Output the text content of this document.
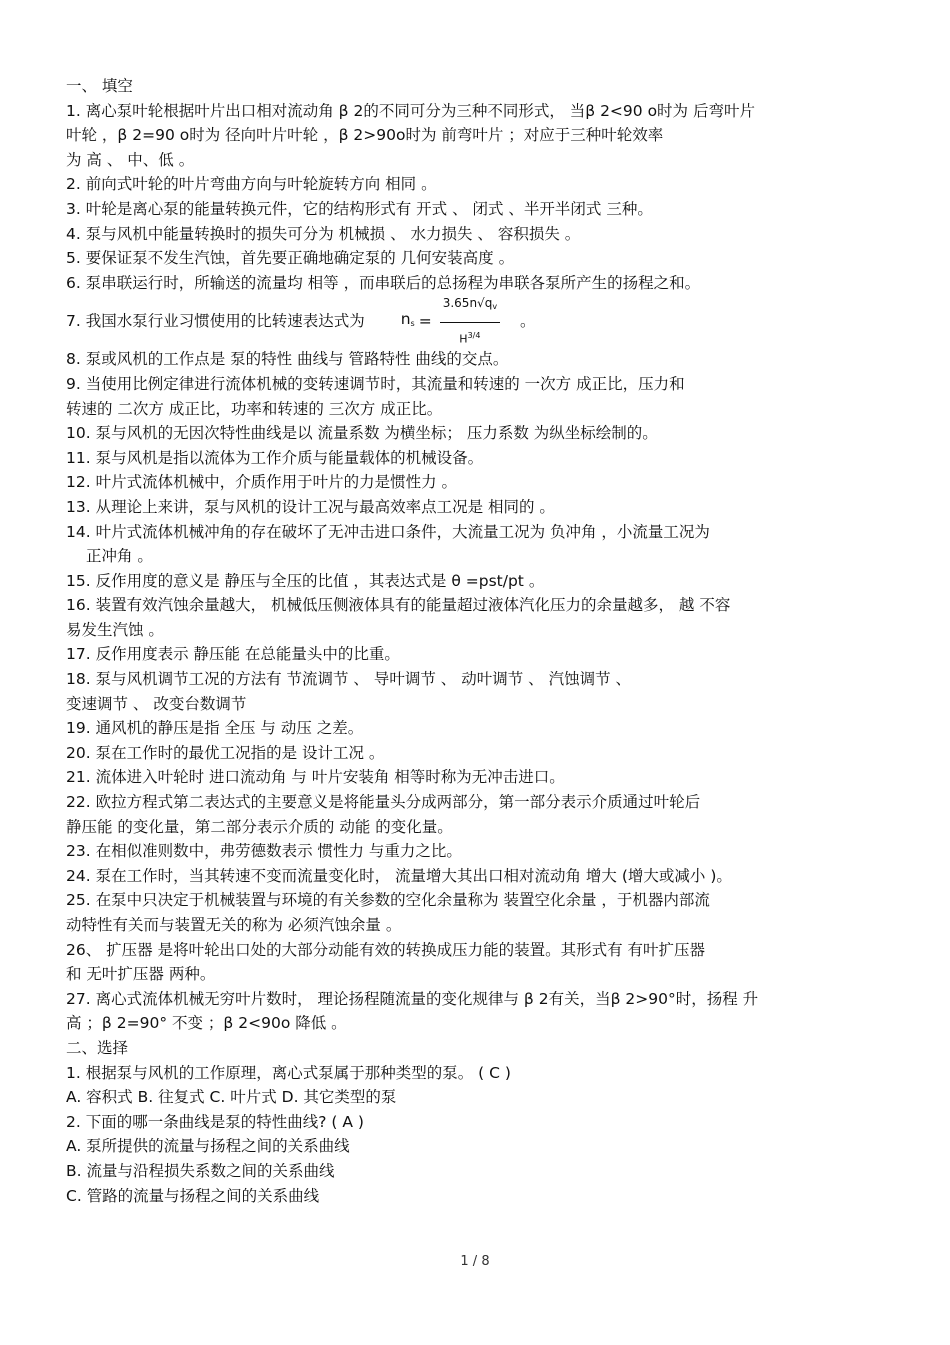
一、 填空
1. 离心泵叶轮根据叶片出口相对流动角 β 2的不同可分为三种不同形式， 当β 2<90 o时为 后弯叶片
叶轮 ，β 2=90 o时为 径向叶片叶轮 ，β 2>90o时为 前弯叶片 ；对应于三种叶轮效率
为 高 、 中、低 。
2. 前向式叶轮的叶片弯曲方向与叶轮旋转方向 相同 。
3. 叶轮是离心泵的能量转换元件，它的结构形式有 开式 、 闭式 、半开半闭式 三种。
4. 泵与风机中能量转换时的损失可分为 机械损 、 水力损失 、 容积损失 。
5. 要保证泵不发生汽蚀，首先要正确地确定泵的 几何安装高度 。
6. 泵串联运行时，所输送的流量均 相等 ，而串联后的总扬程为串联各泵所产生的扬程之和。
7. 我国水泵行业习惯使用的比转速表达式为 $n_s = \frac{3.65n√q_v}{H^{3/4}}$ 。
8. 泵或风机的工作点是 泵的特性 曲线与 管路特性 曲线的交点。
9. 当使用比例定律进行流体机械的变转速调节时，其流量和转速的 一次方 成正比，压力和
转速的 二次方 成正比，功率和转速的 三次方 成正比。
10. 泵与风机的无因次特性曲线是以 流量系数 为横坐标； 压力系数 为纵坐标绘制的。
11. 泵与风机是指以流体为工作介质与能量载体的机械设备。
12. 叶片式流体机械中，介质作用于叶片的力是惯性力 。
13. 从理论上来讲，泵与风机的设计工况与最高效率点工况是 相同的 。
14. 叶片式流体机械冲角的存在破坏了无冲击进口条件，大流量工况为 负冲角 ，小流量工况为
正冲角 。
15. 反作用度的意义是 静压与全压的比值 ，其表达式是 θ =pst/pt 。
16. 装置有效汽蚀余量越大， 机械低压侧液体具有的能量超过液体汽化压力的余量越多， 越 不容
易发生汽蚀 。
17. 反作用度表示 静压能 在总能量头中的比重。
18. 泵与风机调节工况的方法有 节流调节 、 导叶调节 、 动叶调节 、 汽蚀调节 、
变速调节 、 改变台数调节
19. 通风机的静压是指 全压 与 动压 之差。
20. 泵在工作时的最优工况指的是 设计工况 。
21. 流体进入叶轮时 进口流动角 与 叶片安装角 相等时称为无冲击进口。
22. 欧拉方程式第二表达式的主要意义是将能量头分成两部分，第一部分表示介质通过叶轮后
静压能 的变化量，第二部分表示介质的 动能 的变化量。
23. 在相似准则数中，弗劳德数表示 惯性力 与重力之比。
24. 泵在工作时，当其转速不变而流量变化时， 流量增大其出口相对流动角 增大 (增大或减小 )。
25. 在泵中只决定于机械装置与环境的有关参数的空化余量称为 装置空化余量 ，于机器内部流
动特性有关而与装置无关的称为 必须汽蚀余量 。
26、 扩压器 是将叶轮出口处的大部分动能有效的转换成压力能的装置。其形式有 有叶扩压器
和 无叶扩压器 两种。
27. 离心式流体机械无穷叶片数时， 理论扬程随流量的变化规律与 β 2有关，当β 2>90°时，扬程 升
高 ；β 2=90° 不变 ；β 2<90o 降低 。
二、选择
1. 根据泵与风机的工作原理，离心式泵属于那种类型的泵。 ( C )
A. 容积式 B. 往复式 C. 叶片式 D. 其它类型的泵
2. 下面的哪一条曲线是泵的特性曲线? ( A )
A. 泵所提供的流量与扬程之间的关系曲线
B. 流量与沿程损失系数之间的关系曲线
C. 管路的流量与扬程之间的关系曲线
1 / 8
